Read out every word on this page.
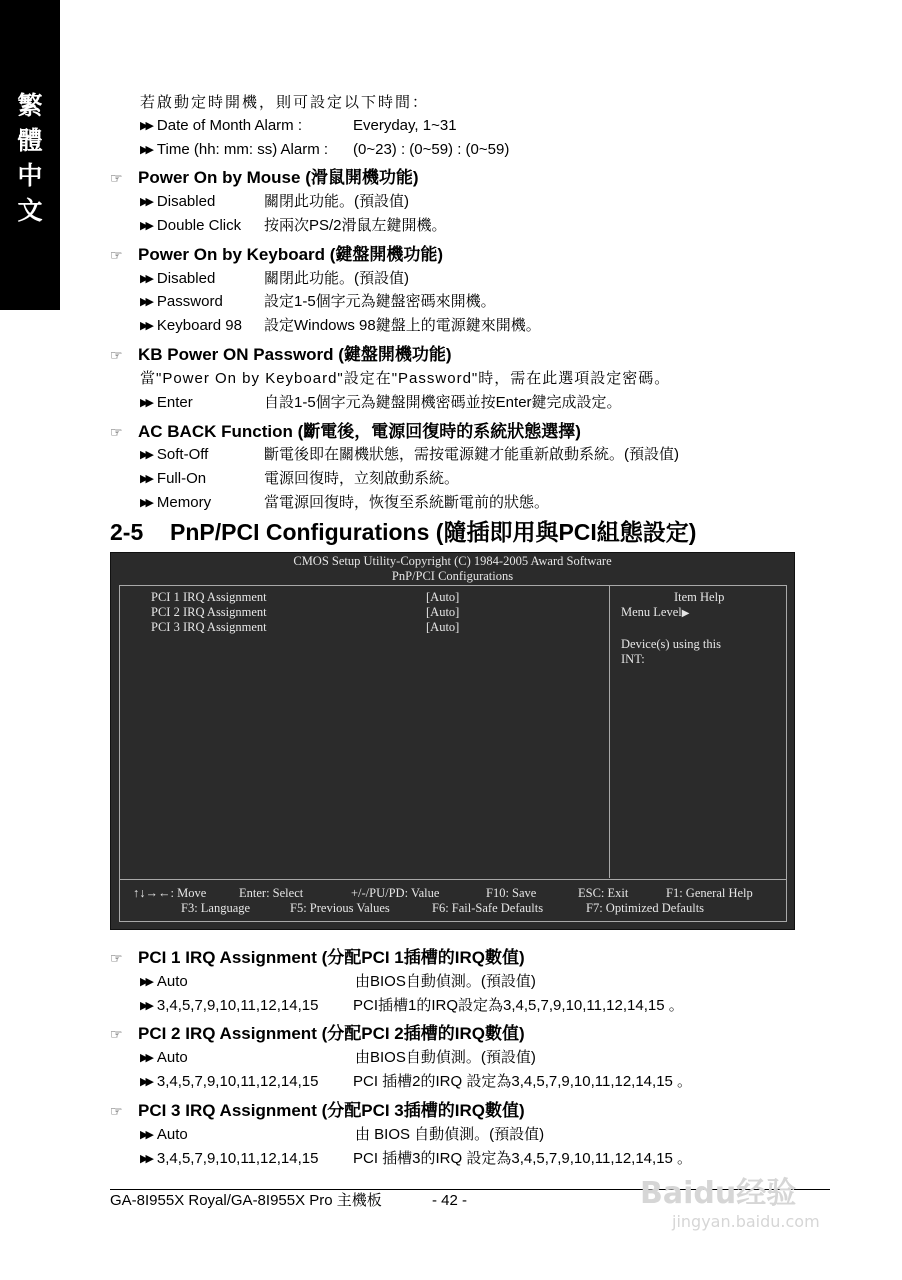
繁
體
中
文
若啟動定時開機，則可設定以下時間：
▶▶ Date of Month Alarm :	Everyday, 1~31
▶▶ Time (hh: mm: ss) Alarm : (0~23) : (0~59) : (0~59)
☞ Power On by Mouse (滑鼠開機功能)
▶▶ Disabled	關閉此功能。(預設值)
▶▶ Double Click 按兩次PS/2滑鼠左鍵開機。
☞ Power On by Keyboard (鍵盤開機功能)
▶▶ Disabled	關閉此功能。(預設值)
▶▶ Password	設定1-5個字元為鍵盤密碼來開機。
▶▶ Keyboard 98 設定Windows 98鍵盤上的電源鍵來開機。
☞ KB Power ON Password (鍵盤開機功能)
當"Power On by Keyboard"設定在"Password"時，需在此選項設定密碼。
▶▶ Enter	自設1-5個字元為鍵盤開機密碼並按Enter鍵完成設定。
☞ AC BACK Function (斷電後，電源回復時的系統狀態選擇)
▶▶ Soft-Off	斷電後即在關機狀態，需按電源鍵才能重新啟動系統。(預設值)
▶▶ Full-On	電源回復時，立刻啟動系統。
▶▶ Memory	當電源回復時，恢復至系統斷電前的狀態。
2-5 PnP/PCI Configurations (隨插即用與PCI組態設定)
CMOS Setup Utility-Copyright (C) 1984-2005 Award Software
PnP/PCI Configurations
PCI 1 IRQ Assignment	[Auto]
PCI 2 IRQ Assignment	[Auto]
PCI 3 IRQ Assignment	[Auto]
Item Help
Menu Level▶
Device(s) using this
INT:
↑↓→←: Move	Enter: Select	+/-/PU/PD: Value	F10: Save	ESC: Exit	F1: General Help
F3: Language	F5: Previous Values	F6: Fail-Safe Defaults	F7: Optimized Defaults
☞ PCI 1 IRQ Assignment (分配PCI 1插槽的IRQ數值)
▶▶ Auto	由BIOS自動偵測。(預設值)
▶▶ 3,4,5,7,9,10,11,12,14,15 PCI插槽1的IRQ設定為3,4,5,7,9,10,11,12,14,15 。
☞ PCI 2 IRQ Assignment (分配PCI 2插槽的IRQ數值)
▶▶ Auto	由BIOS自動偵測。(預設值)
▶▶ 3,4,5,7,9,10,11,12,14,15 PCI 插槽2的IRQ 設定為3,4,5,7,9,10,11,12,14,15 。
☞ PCI 3 IRQ Assignment (分配PCI 3插槽的IRQ數值)
▶▶ Auto	由 BIOS 自動偵測。(預設值)
▶▶ 3,4,5,7,9,10,11,12,14,15 PCI 插槽3的IRQ 設定為3,4,5,7,9,10,11,12,14,15 。
GA-8I955X Royal/GA-8I955X Pro 主機板	- 42 -	Baidu经验
jingyan.baidu.com
